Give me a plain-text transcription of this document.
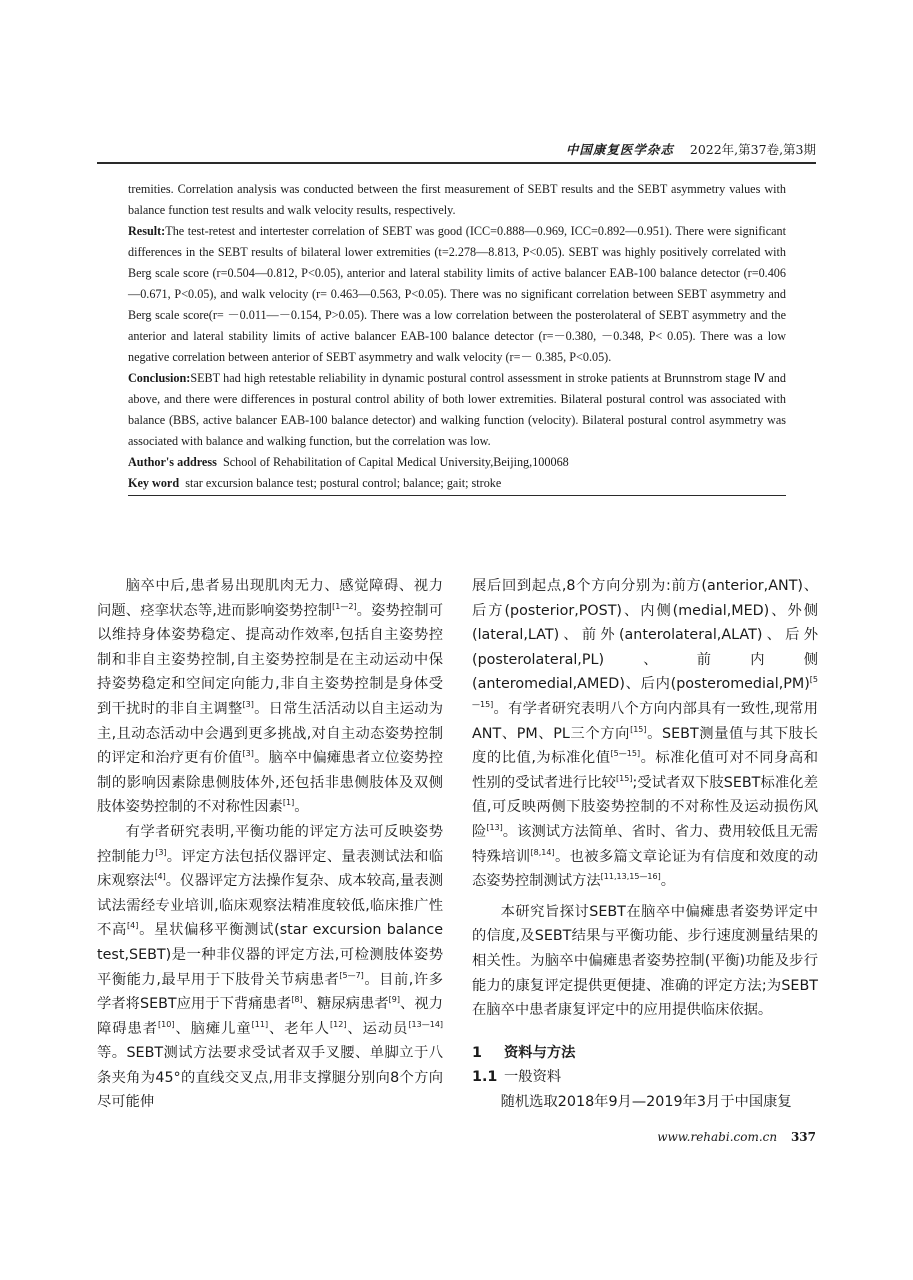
中国康复医学杂志 2022年,第37卷,第3期

tremities. Correlation analysis was conducted between the first measurement of SEBT results and the SEBT asymmetry values with balance function test results and walk velocity results, respectively.

Result:The test-retest and intertester correlation of SEBT was good (ICC=0.888—0.969, ICC=0.892—0.951). There were significant differences in the SEBT results of bilateral lower extremities (t=2.278—8.813, P<0.05). SEBT was highly positively correlated with Berg scale score (r=0.504—0.812, P<0.05), anterior and lateral stability limits of active balancer EAB-100 balance detector (r=0.406—0.671, P<0.05), and walk velocity (r= 0.463—0.563, P<0.05). There was no significant correlation between SEBT asymmetry and Berg scale score(r= －0.011—－0.154, P>0.05). There was a low correlation between the posterolateral of SEBT asymmetry and the anterior and lateral stability limits of active balancer EAB-100 balance detector (r=－0.380, －0.348, P< 0.05). There was a low negative correlation between anterior of SEBT asymmetry and walk velocity (r=－ 0.385, P<0.05).

Conclusion:SEBT had high retestable reliability in dynamic postural control assessment in stroke patients at Brunnstrom stage Ⅳ and above, and there were differences in postural control ability of both lower extremities. Bilateral postural control was associated with balance (BBS, active balancer EAB-100 balance detector) and walking function (velocity). Bilateral postural control asymmetry was associated with balance and walking function, but the correlation was low.

Author's address School of Rehabilitation of Capital Medical University,Beijing,100068

Key word star excursion balance test; postural control; balance; gait; stroke

脑卒中后,患者易出现肌肉无力、感觉障碍、视力问题、痉挛状态等,进而影响姿势控制[1—2]。姿势控制可以维持身体姿势稳定、提高动作效率,包括自主姿势控制和非自主姿势控制,自主姿势控制是在主动运动中保持姿势稳定和空间定向能力,非自主姿势控制是身体受到干扰时的非自主调整[3]。日常生活活动以自主运动为主,且动态活动中会遇到更多挑战,对自主动态姿势控制的评定和治疗更有价值[3]。脑卒中偏瘫患者立位姿势控制的影响因素除患侧肢体外,还包括非患侧肢体及双侧肢体姿势控制的不对称性因素[1]。

有学者研究表明,平衡功能的评定方法可反映姿势控制能力[3]。评定方法包括仪器评定、量表测试法和临床观察法[4]。仪器评定方法操作复杂、成本较高,量表测试法需经专业培训,临床观察法精准度较低,临床推广性不高[4]。星状偏移平衡测试(star excursion balance test,SEBT)是一种非仪器的评定方法,可检测肢体姿势平衡能力,最早用于下肢骨关节病患者[5—7]。目前,许多学者将SEBT应用于下背痛患者[8]、糖尿病患者[9]、视力障碍患者[10]、脑瘫儿童[11]、老年人[12]、运动员[13—14]等。SEBT测试方法要求受试者双手叉腰、单脚立于八条夹角为45°的直线交叉点,用非支撑腿分别向8个方向尽可能伸

展后回到起点,8个方向分别为:前方(anterior,ANT)、后方(posterior,POST)、内侧(medial,MED)、外侧(lateral,LAT)、前外(anterolateral,ALAT)、后外(posterolateral,PL)、前内侧(anteromedial,AMED)、后内(posteromedial,PM)[5—15]。有学者研究表明八个方向内部具有一致性,现常用ANT、PM、PL三个方向[15]。SEBT测量值与其下肢长度的比值,为标准化值[5—15]。标准化值可对不同身高和性别的受试者进行比较[15];受试者双下肢SEBT标准化差值,可反映两侧下肢姿势控制的不对称性及运动损伤风险[13]。该测试方法简单、省时、省力、费用较低且无需特殊培训[8,14]。也被多篇文章论证为有信度和效度的动态姿势控制测试方法[11,13,15—16]。

本研究旨探讨SEBT在脑卒中偏瘫患者姿势评定中的信度,及SEBT结果与平衡功能、步行速度测量结果的相关性。为脑卒中偏瘫患者姿势控制(平衡)功能及步行能力的康复评定提供更便捷、准确的评定方法;为SEBT在脑卒中患者康复评定中的应用提供临床依据。

1 资料与方法

1.1 一般资料

随机选取2018年9月—2019年3月于中国康复

www.rehabi.com.cn 337
